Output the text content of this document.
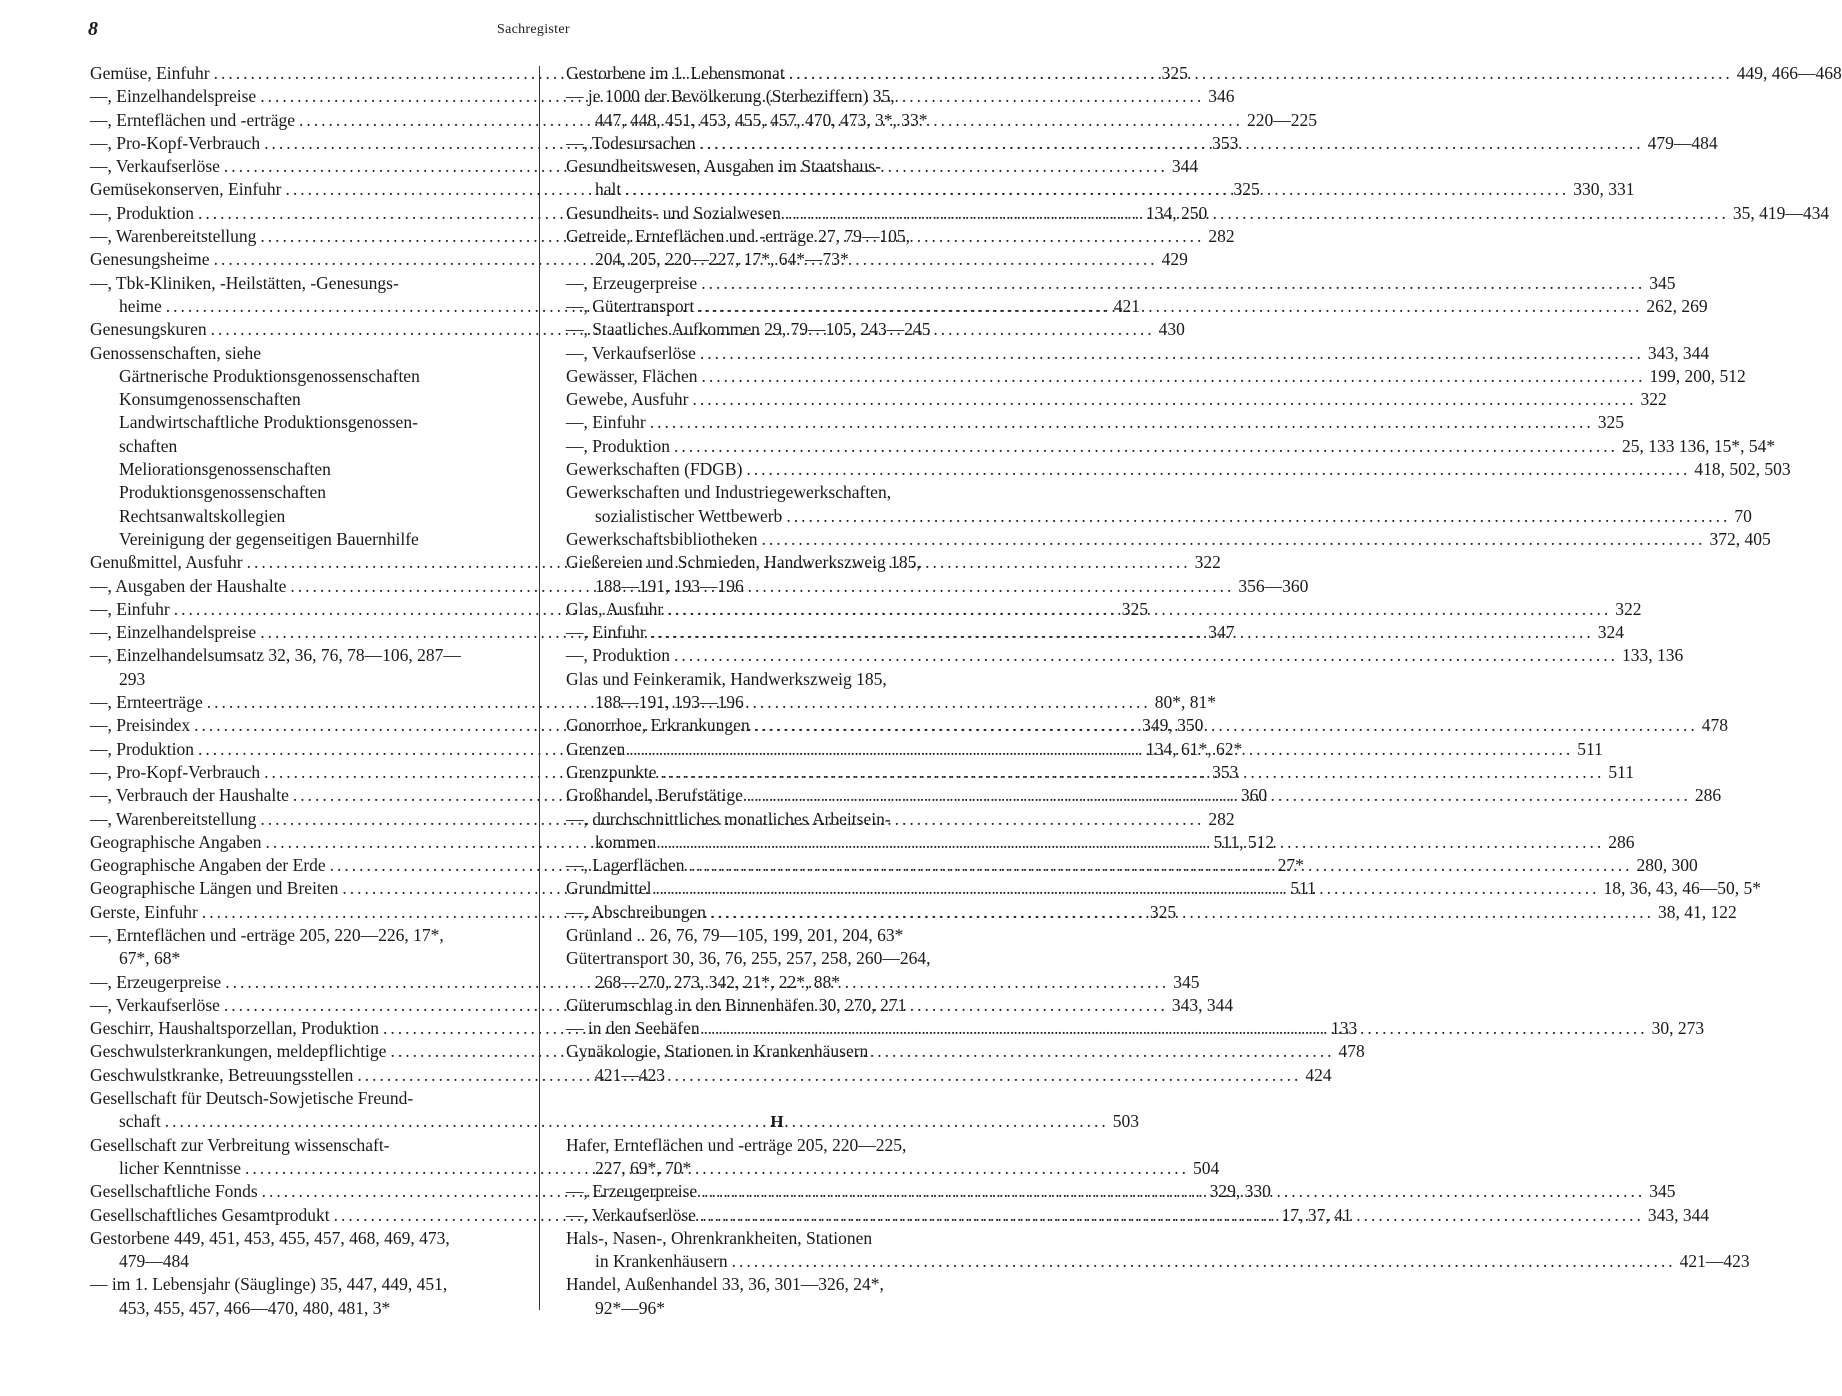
8	Sachregister
Gemüse, Einfuhr .....	325
—, Einzelhandelspreise .....	346
—, Ernteflächen und -erträge .....	220—225
—, Pro-Kopf-Verbrauch .....	353
—, Verkaufserlöse .....	344
Gemüsekonserven, Einfuhr .....	325
—, Produktion .....	134, 250
—, Warenbereitstellung .....	282
Genesungsheime .....	429
—, Tbk-Kliniken, -Heilstätten, -Genesungs-
heime .....	421
Genesungskuren .....	430
Genossenschaften, siehe
Gärtnerische Produktionsgenossenschaften
Konsumgenossenschaften
Landwirtschaftliche Produktionsgenossen-
schaften
Meliorationsgenossenschaften
Produktionsgenossenschaften
Rechtsanwaltskollegien
Vereinigung der gegenseitigen Bauernhilfe
Genußmittel, Ausfuhr .....	322
—, Ausgaben der Haushalte .....	356—360
—, Einfuhr .....	325
—, Einzelhandelspreise .....	347
—, Einzelhandelsumsatz 32, 36, 76, 78—106, 287—
293
—, Ernteerträge .....	80*, 81*
—, Preisindex .....	349, 350
—, Produktion .....	134, 61*, 62*
—, Pro-Kopf-Verbrauch .....	353
—, Verbrauch der Haushalte .....	360
—, Warenbereitstellung .....	282
Geographische Angaben .....	511, 512
Geographische Angaben der Erde .....	27*
Geographische Längen und Breiten .....	511
Gerste, Einfuhr .....	325
—, Ernteflächen und -erträge 205, 220—226, 17*,
67*, 68*
—, Erzeugerpreise .....	345
—, Verkaufserlöse .....	343, 344
Geschirr, Haushaltsporzellan, Produktion .....	133
Geschwulsterkrankungen, meldepflichtige .....	478
Geschwulstkranke, Betreuungsstellen .....	424
Gesellschaft für Deutsch-Sowjetische Freund-
schaft .....	503
Gesellschaft zur Verbreitung wissenschaft-
licher Kenntnisse .....	504
Gesellschaftliche Fonds .....	329, 330
Gesellschaftliches Gesamtprodukt .....	17, 37, 41
Gestorbene 449, 451, 453, 455, 457, 468, 469, 473,
479—484
— im 1. Lebensjahr (Säuglinge) 35, 447, 449, 451,
453, 455, 457, 466—470, 480, 481, 3*
Gestorbene im 1. Lebensmonat .....	449, 466—468
— je 1000 der Bevölkerung (Sterbeziffern) 35,
447, 448, 451, 453, 455, 457, 470, 473, 3*, 33*
—, Todesursachen .....	479—484
Gesundheitswesen, Ausgaben im Staatshaus-
halt .....	330, 331
Gesundheits- und Sozialwesen .....	35, 419—434
Getreide, Ernteflächen und -erträge 27, 79—105,
204, 205, 220—227, 17*, 64*—73*
—, Erzeugerpreise .....	345
—, Gütertransport .....	262, 269
—, Staatliches Aufkommen 29, 79—105, 243—245
—, Verkaufserlöse .....	343, 344
Gewässer, Flächen .....	199, 200, 512
Gewebe, Ausfuhr .....	322
—, Einfuhr .....	325
—, Produktion .....	25, 133 136, 15*, 54*
Gewerkschaften (FDGB) .....	418, 502, 503
Gewerkschaften und Industriegewerkschaften,
sozialistischer Wettbewerb .....	70
Gewerkschaftsbibliotheken .....	372, 405
Gießereien und Schmieden, Handwerkszweig 185,
188—191, 193—196
Glas, Ausfuhr .....	322
—, Einfuhr .....	324
—, Produktion .....	133, 136
Glas und Feinkeramik, Handwerkszweig 185,
188—191, 193—196
Gonorrhoe, Erkrankungen .....	478
Grenzen .....	511
Grenzpunkte .....	511
Großhandel, Berufstätige .....	286
—, durchschnittliches monatliches Arbeitsein-
kommen .....	286
—, Lagerflächen .....	280, 300
Grundmittel .....	18, 36, 43, 46—50, 5*
—, Abschreibungen .....	38, 41, 122
Grünland .. 26, 76, 79—105, 199, 201, 204, 63*
Gütertransport 30, 36, 76, 255, 257, 258, 260—264,
268—270, 273, 342, 21*, 22*, 88*
Güterumschlag in den Binnenhäfen 30, 270, 271
— in den Seehäfen .....	30, 273
Gynäkologie, Stationen in Krankenhäusern
421—423
H
Hafer, Ernteflächen und -erträge 205, 220—225,
227, 69*, 70*
—, Erzeugerpreise .....	345
—, Verkaufserlöse .....	343, 344
Hals-, Nasen-, Ohrenkrankheiten, Stationen
in Krankenhäusern .....	421—423
Handel, Außenhandel 33, 36, 301—326, 24*,
92*—96*
